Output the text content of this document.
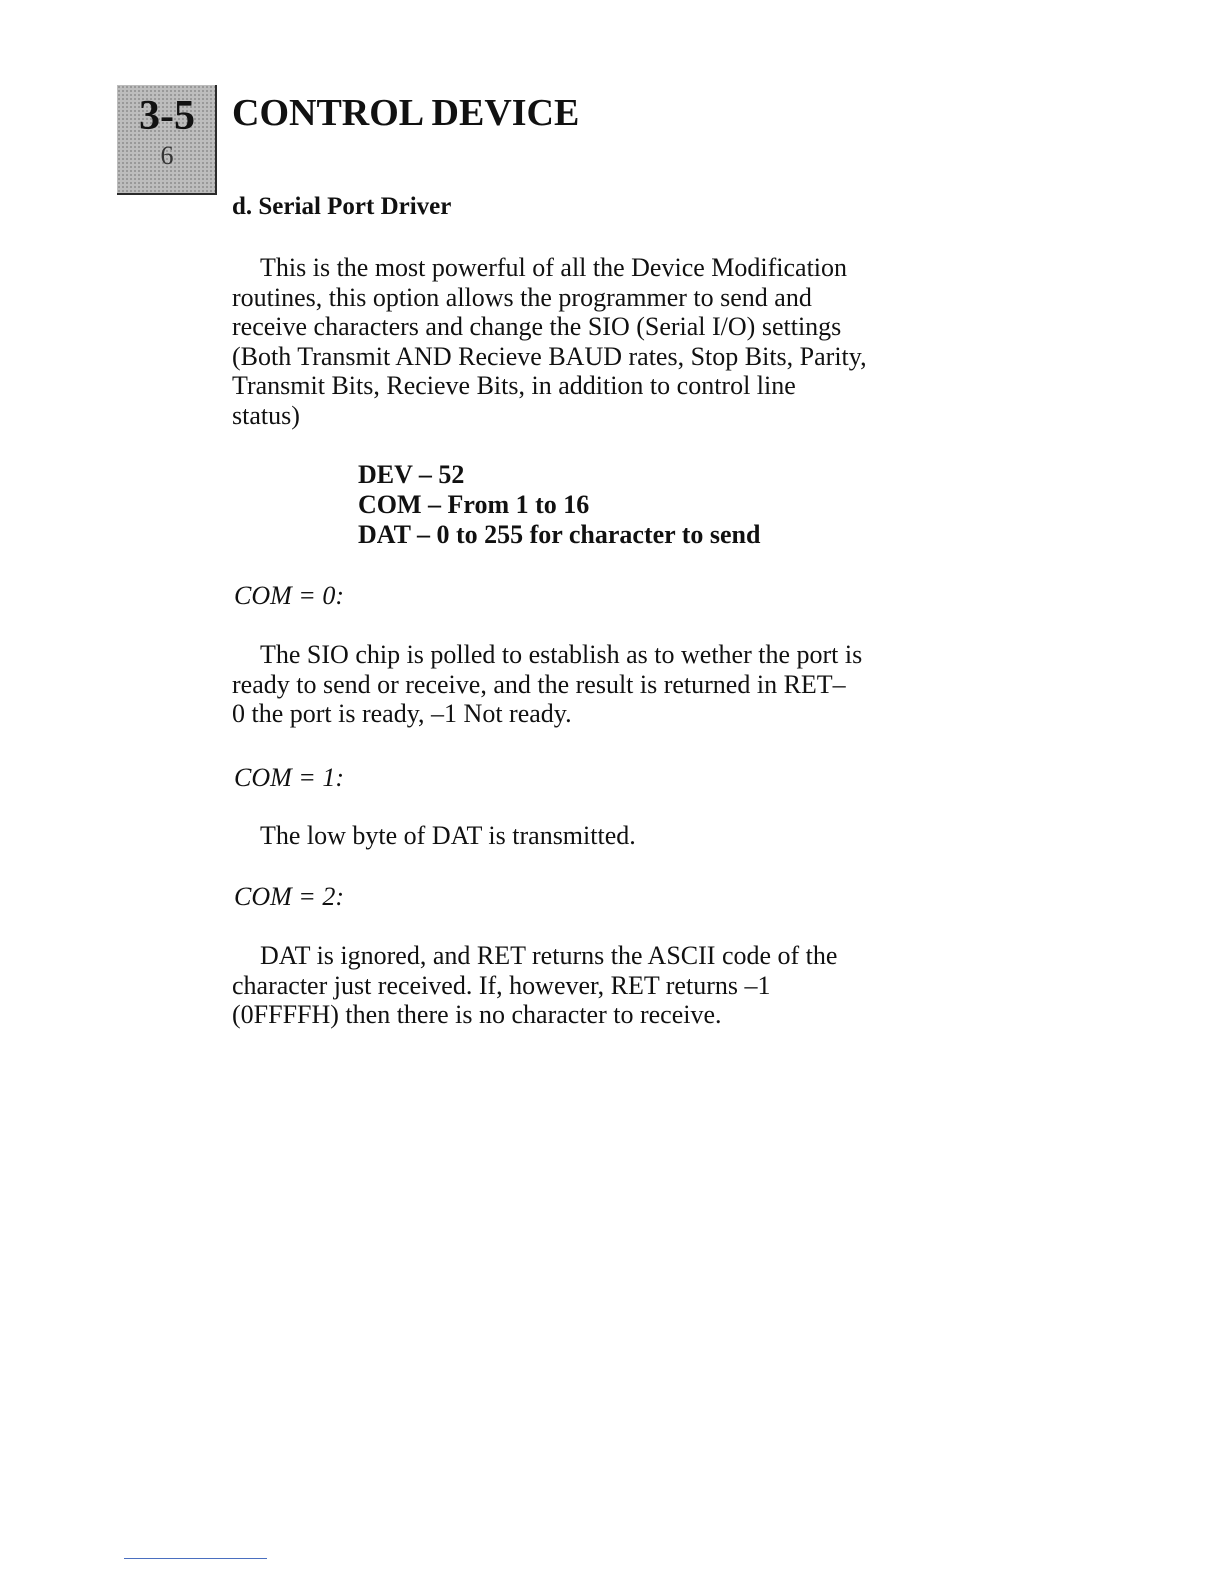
3-5
6
CONTROL DEVICE
d. Serial Port Driver

This is the most powerful of all the Device Modification
routines, this option allows the programmer to send and
receive characters and change the SIO (Serial I/O) settings
(Both Transmit AND Recieve BAUD rates, Stop Bits, Parity,
Transmit Bits, Recieve Bits, in addition to control line
status)

DEV – 52
COM – From 1 to 16
DAT – 0 to 255 for character to send
COM = 0:

The SIO chip is polled to establish as to wether the port is
ready to send or receive, and the result is returned in RET–
0 the port is ready, –1 Not ready.

COM = 1:

The low byte of DAT is transmitted.

COM = 2:

DAT is ignored, and RET returns the ASCII code of the
character just received. If, however, RET returns –1
(0FFFFH) then there is no character to receive.
